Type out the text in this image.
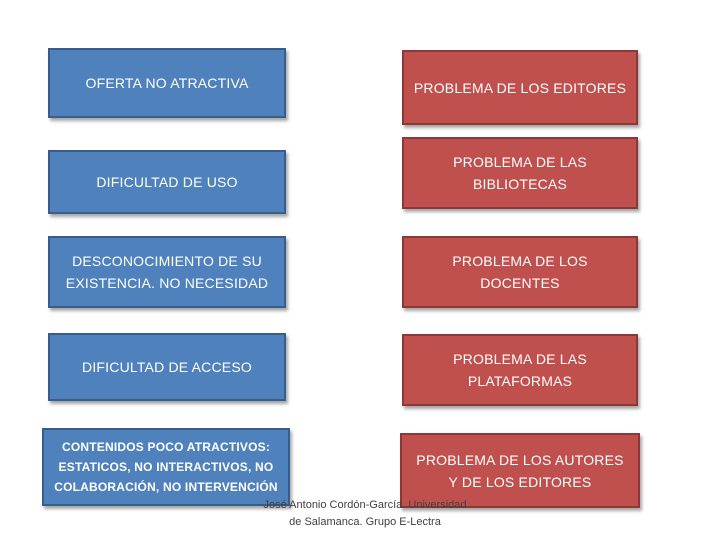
OFERTA NO ATRACTIVA
DIFICULTAD DE USO
DESCONOCIMIENTO DE SU
EXISTENCIA. NO NECESIDAD
DIFICULTAD DE ACCESO
CONTENIDOS POCO ATRACTIVOS:
ESTATICOS, NO INTERACTIVOS, NO
COLABORACIÓN, NO INTERVENCIÓN
PROBLEMA DE LOS EDITORES
PROBLEMA DE LAS
BIBLIOTECAS
PROBLEMA DE LOS
DOCENTES
PROBLEMA DE LAS
PLATAFORMAS
PROBLEMA DE LOS AUTORES
Y DE LOS EDITORES
José Antonio Cordón-García. Universidad
de Salamanca. Grupo E-Lectra
